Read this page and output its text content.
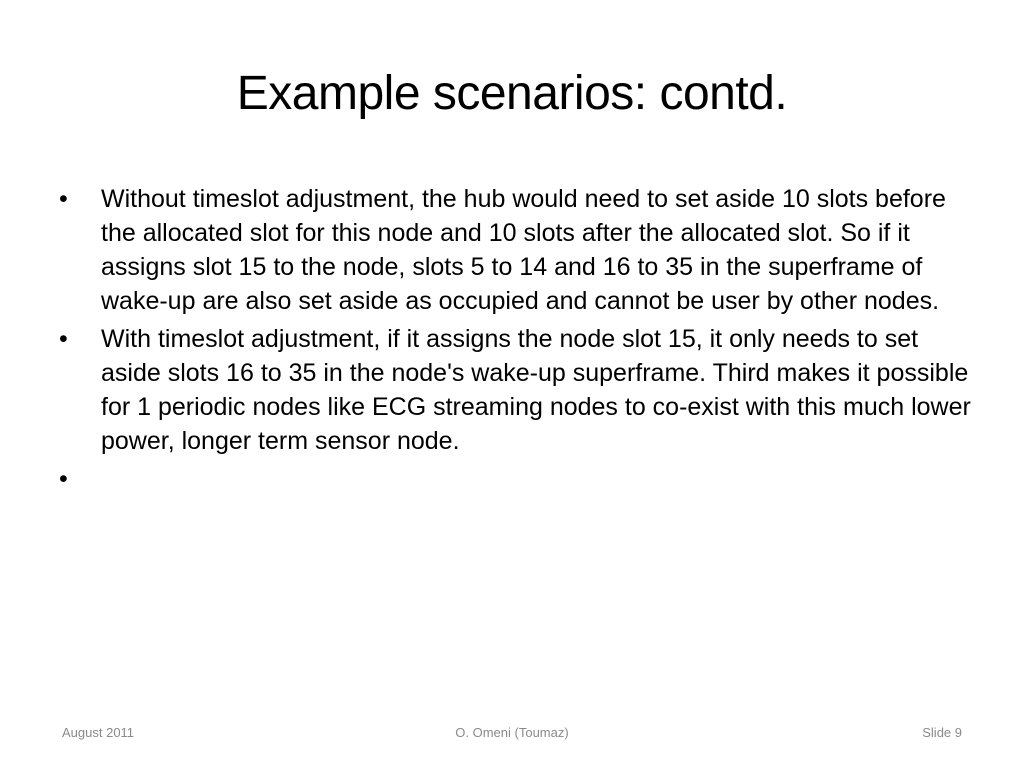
Example scenarios: contd.
• Without timeslot adjustment, the hub would need to set aside 10 slots before the allocated slot for this node and 10 slots after the allocated slot. So if it assigns slot 15 to the node, slots 5 to 14 and 16 to 35 in the superframe of wake-up are also set aside as occupied and cannot be user by other nodes.
• With timeslot adjustment, if it assigns the node slot 15, it only needs to set aside slots 16 to 35 in the node's wake-up superframe. Third makes it possible for 1 periodic nodes like ECG streaming nodes to co-exist with this much lower power, longer term sensor node.
•
O. Omeni (Toumaz)
August 2011	Slide 9
